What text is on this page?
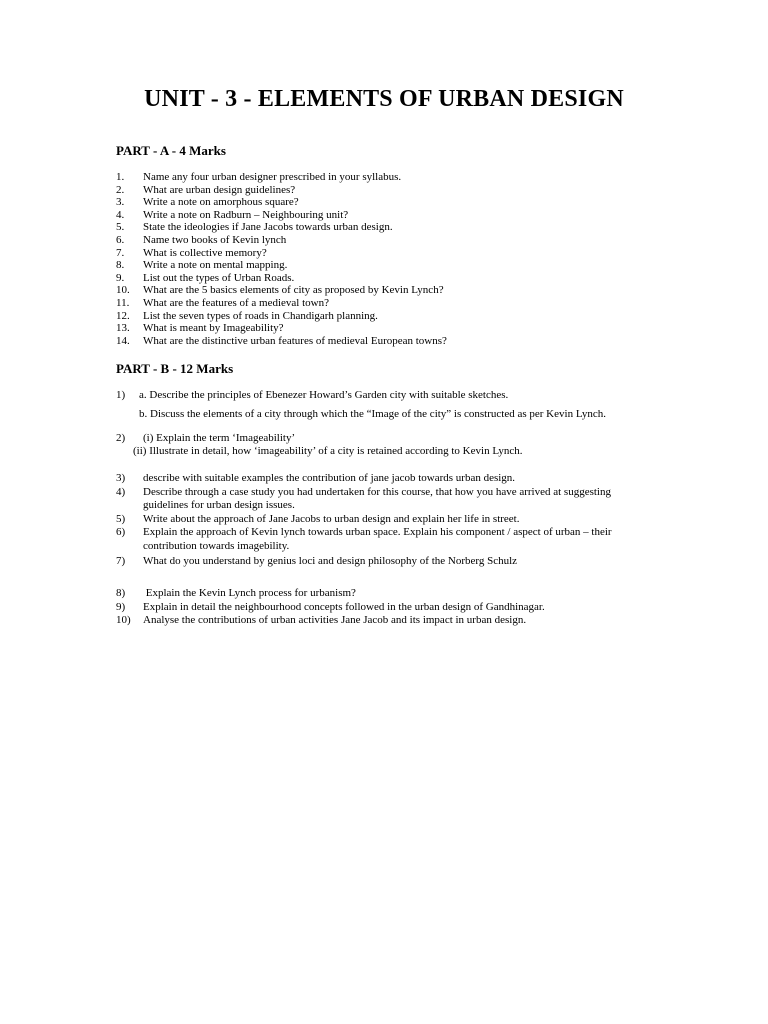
UNIT - 3 - ELEMENTS OF URBAN DESIGN
PART - A - 4 Marks
1.	Name any four urban designer prescribed in your syllabus.
2.	What are urban design guidelines?
3.	Write a note on amorphous square?
4.	Write a note on Radburn – Neighbouring unit?
5.	State the ideologies if Jane Jacobs towards urban design.
6.	Name two books of Kevin lynch
7.	What is collective memory?
8.	Write a note on mental mapping.
9.	List out the types of Urban Roads.
10.	What are the 5 basics elements of city as proposed by Kevin Lynch?
11.	What are the features of a medieval town?
12.	List the seven types of roads in Chandigarh planning.
13.	What is meant by Imageability?
14.	What are the distinctive urban features of medieval European towns?
PART - B - 12 Marks
1) a. Describe the principles of Ebenezer Howard’s Garden city with suitable sketches.
b. Discuss the elements of a city through which the “Image of the city” is constructed as per Kevin Lynch.
2) (i) Explain the term ‘Imageability’
(ii) Illustrate in detail, how ‘imageability’ of a city is retained according to Kevin Lynch.
3)	describe with suitable examples the contribution of jane jacob towards urban design.
4)	Describe through a case study you had undertaken for this course, that how you have arrived at suggesting guidelines for urban design issues.
5)	Write about the approach of Jane Jacobs to urban design and explain her life in street.
6)	Explain the approach of Kevin lynch towards urban space. Explain his component / aspect of urban – their contribution towards imagebility.
7)	What do you understand by genius loci and design philosophy of the Norberg Schulz
8)	Explain the Kevin Lynch process for urbanism?
9)	Explain in detail the neighbourhood concepts followed in the urban design of Gandhinagar.
10)	Analyse the contributions of urban activities Jane Jacob and its impact in urban design.
